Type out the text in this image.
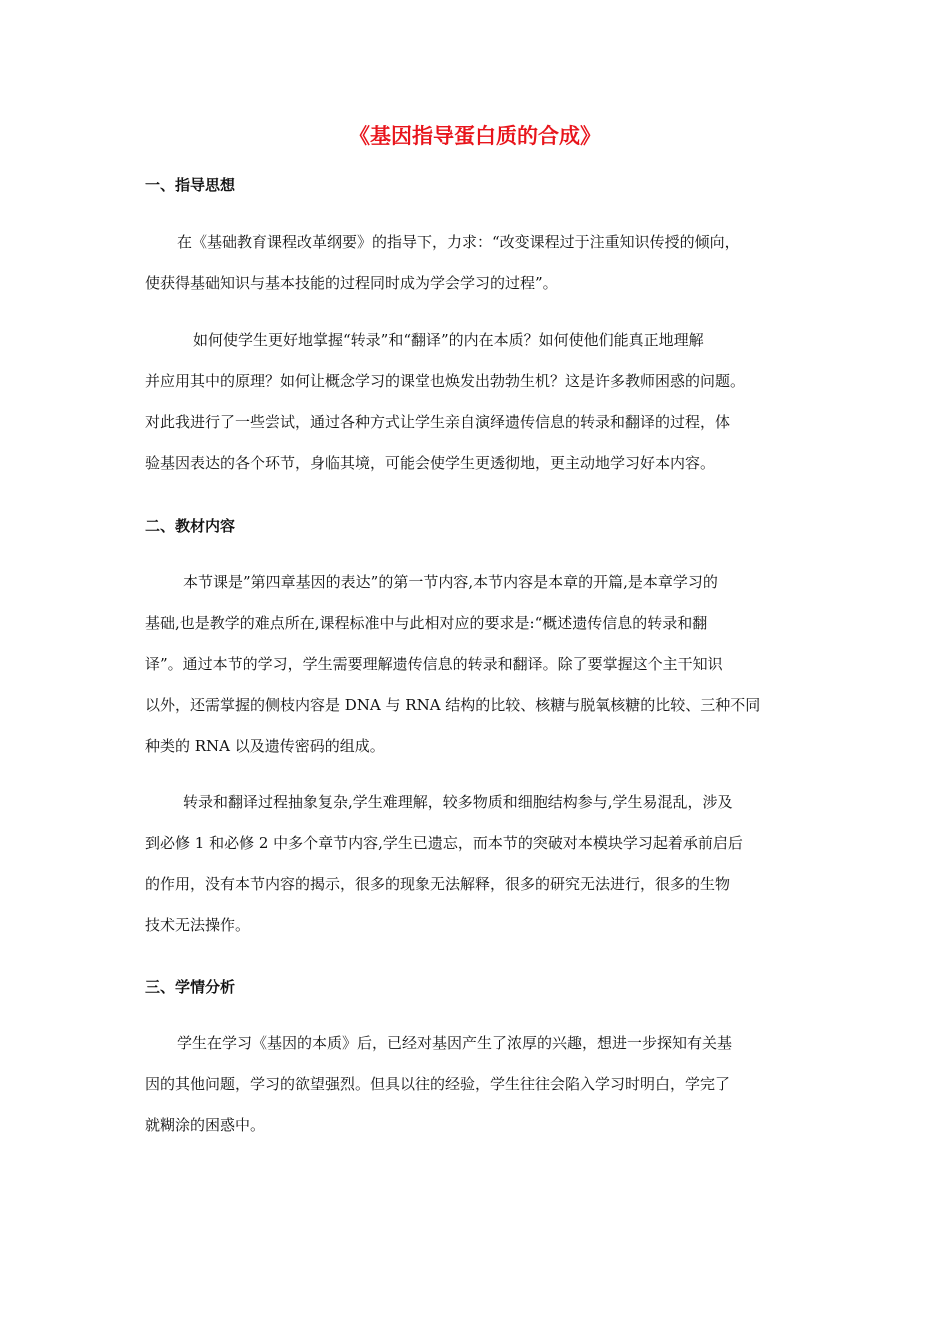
《基因指导蛋白质的合成》
一、指导思想

在《基础教育课程改革纲要》的指导下，力求：“改变课程过于注重知识传授的倾向，
使获得基础知识与基本技能的过程同时成为学会学习的过程”。

如何使学生更好地掌握“转录”和“翻译”的内在本质？如何使他们能真正地理解
并应用其中的原理？如何让概念学习的课堂也焕发出勃勃生机？这是许多教师困惑的问题。
对此我进行了一些尝试，通过各种方式让学生亲自演绎遗传信息的转录和翻译的过程，体
验基因表达的各个环节，身临其境，可能会使学生更透彻地，更主动地学习好本内容。

二、教材内容

本节课是”第四章基因的表达”的第一节内容,本节内容是本章的开篇,是本章学习的
基础,也是教学的难点所在,课程标准中与此相对应的要求是:“概述遗传信息的转录和翻
译”。通过本节的学习，学生需要理解遗传信息的转录和翻译。除了要掌握这个主干知识
以外，还需掌握的侧枝内容是 DNA 与 RNA 结构的比较、核糖与脱氧核糖的比较、三种不同
种类的 RNA 以及遗传密码的组成。

转录和翻译过程抽象复杂,学生难理解，较多物质和细胞结构参与,学生易混乱，涉及
到必修 1 和必修 2 中多个章节内容,学生已遗忘，而本节的突破对本模块学习起着承前启后
的作用，没有本节内容的揭示，很多的现象无法解释，很多的研究无法进行，很多的生物
技术无法操作。

三、学情分析

学生在学习《基因的本质》后，已经对基因产生了浓厚的兴趣，想进一步探知有关基
因的其他问题，学习的欲望强烈。但具以往的经验，学生往往会陷入学习时明白，学完了
就糊涂的困惑中。
